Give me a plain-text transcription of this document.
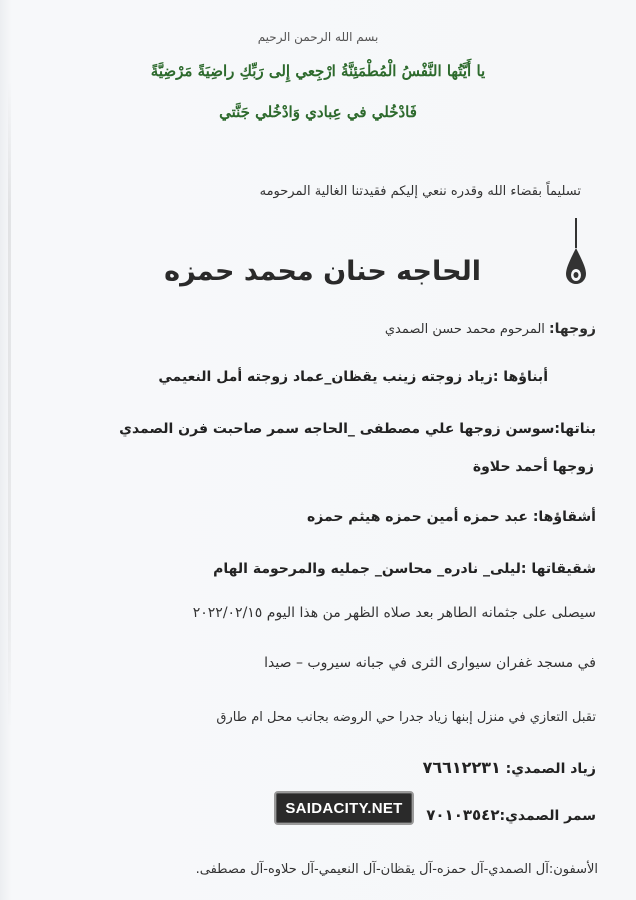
بسم الله الرحمن الرحيم

يا أَيَّتُها النَّفْسُ الْمُطْمَئِنَّةُ ارْجِعي إِلى رَبِّكِ راضِيَةً مَرْضِيَّةً

فَادْخُلي في عِبادي وَادْخُلي جَنَّتي

تسليماً بقضاء الله وقدره ننعي إليكم فقيدتنا الغالية المرحومه

الحاجه حنان محمد حمزه

زوجها: المرحوم محمد حسن الصمدي

أبناؤها :زياد زوجته زينب يقظان_عماد زوجته أمل النعيمي

بناتها:سوسن زوجها علي مصطفى _الحاجه سمر صاحبت فرن الصمدي

زوجها أحمد حلاوة

أشقاؤها: عبد حمزه أمين حمزه هيثم حمزه

شقيقاتها :ليلى_ نادره_ محاسن_ جمليه والمرحومة الهام

سيصلى على جثمانه الطاهر بعد صلاه الظهر من هذا اليوم ٢٠٢٢/٠٢/١٥

في مسجد غفران سيوارى الثرى في جبانه سيروب – صيدا

تقبل التعازي في منزل إبنها زياد جدرا حي الروضه بجانب محل ام طارق

زياد الصمدي: ٧٦٦١٢٢٣١

سمر الصمدي:٧٠١٠٣٥٤٢

الأسفون:آل الصمدي-آل حمزه-آل يقظان-آل النعيمي-آل حلاوه-آل مصطفى.

SAIDACITY.NET
